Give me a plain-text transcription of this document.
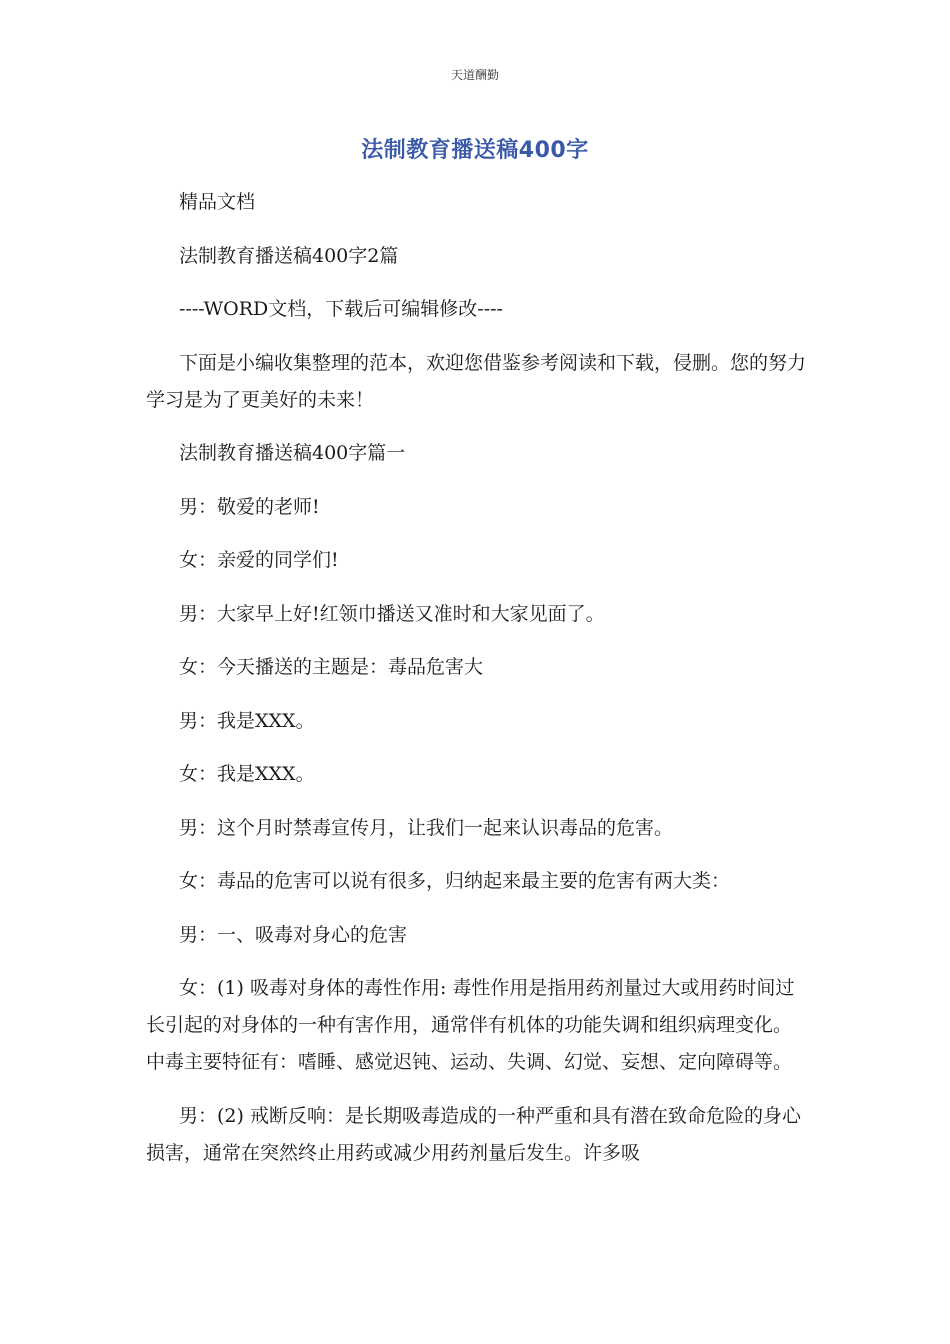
天道酬勤
法制教育播送稿400字

精品文档

法制教育播送稿400字2篇

----WORD文档，下载后可编辑修改----

下面是小编收集整理的范本，欢迎您借鉴参考阅读和下载，侵删。您的努力学习是为了更美好的未来！

法制教育播送稿400字篇一

男：敬爱的老师!

女：亲爱的同学们!

男：大家早上好!红领巾播送又准时和大家见面了。

女：今天播送的主题是：毒品危害大

男：我是XXX。

女：我是XXX。

男：这个月时禁毒宣传月，让我们一起来认识毒品的危害。

女：毒品的危害可以说有很多，归纳起来最主要的危害有两大类：

男：一、吸毒对身心的危害

女：(1) 吸毒对身体的毒性作用: 毒性作用是指用药剂量过大或用药时间过长引起的对身体的一种有害作用，通常伴有机体的功能失调和组织病理变化。中毒主要特征有：嗜睡、感觉迟钝、运动、失调、幻觉、妄想、定向障碍等。

男：(2) 戒断反响：是长期吸毒造成的一种严重和具有潜在致命危险的身心损害，通常在突然终止用药或减少用药剂量后发生。许多吸
